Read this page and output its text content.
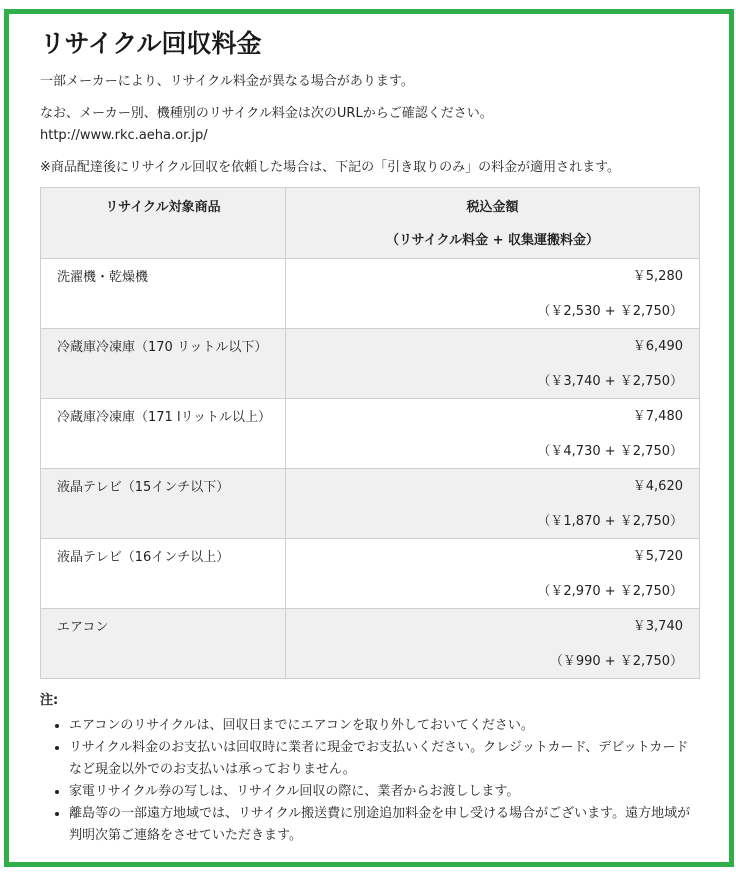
リサイクル回収料金

一部メーカーにより、リサイクル料金が異なる場合があります。

なお、メーカー別、機種別のリサイクル料金は次のURLからご確認ください。
http://www.rkc.aeha.or.jp/

※商品配達後にリサイクル回収を依頼した場合は、下記の「引き取りのみ」の料金が適用されます。

リサイクル対象商品	税込金額
（リサイクル料金 + 収集運搬料金）

洗濯機・乾燥機	￥5,280
（￥2,530 + ￥2,750）

冷蔵庫冷凍庫（170 リットル以下）	￥6,490
（￥3,740 + ￥2,750）

冷蔵庫冷凍庫（171 lリットル以上）	￥7,480
（￥4,730 + ￥2,750）

液晶テレビ（15インチ以下）	￥4,620
（￥1,870 + ￥2,750）

液晶テレビ（16インチ以上）	￥5,720
（￥2,970 + ￥2,750）

エアコン	￥3,740
（￥990 + ￥2,750）
注:
• エアコンのリサイクルは、回収日までにエアコンを取り外しておいてください。
• リサイクル料金のお支払いは回収時に業者に現金でお支払いください。クレジットカード、デビットカードなど現金以外でのお支払いは承っておりません。
• 家電リサイクル券の写しは、リサイクル回収の際に、業者からお渡しします。
• 離島等の一部遠方地域では、リサイクル搬送費に別途追加料金を申し受ける場合がございます。遠方地域が判明次第ご連絡をさせていただきます。
